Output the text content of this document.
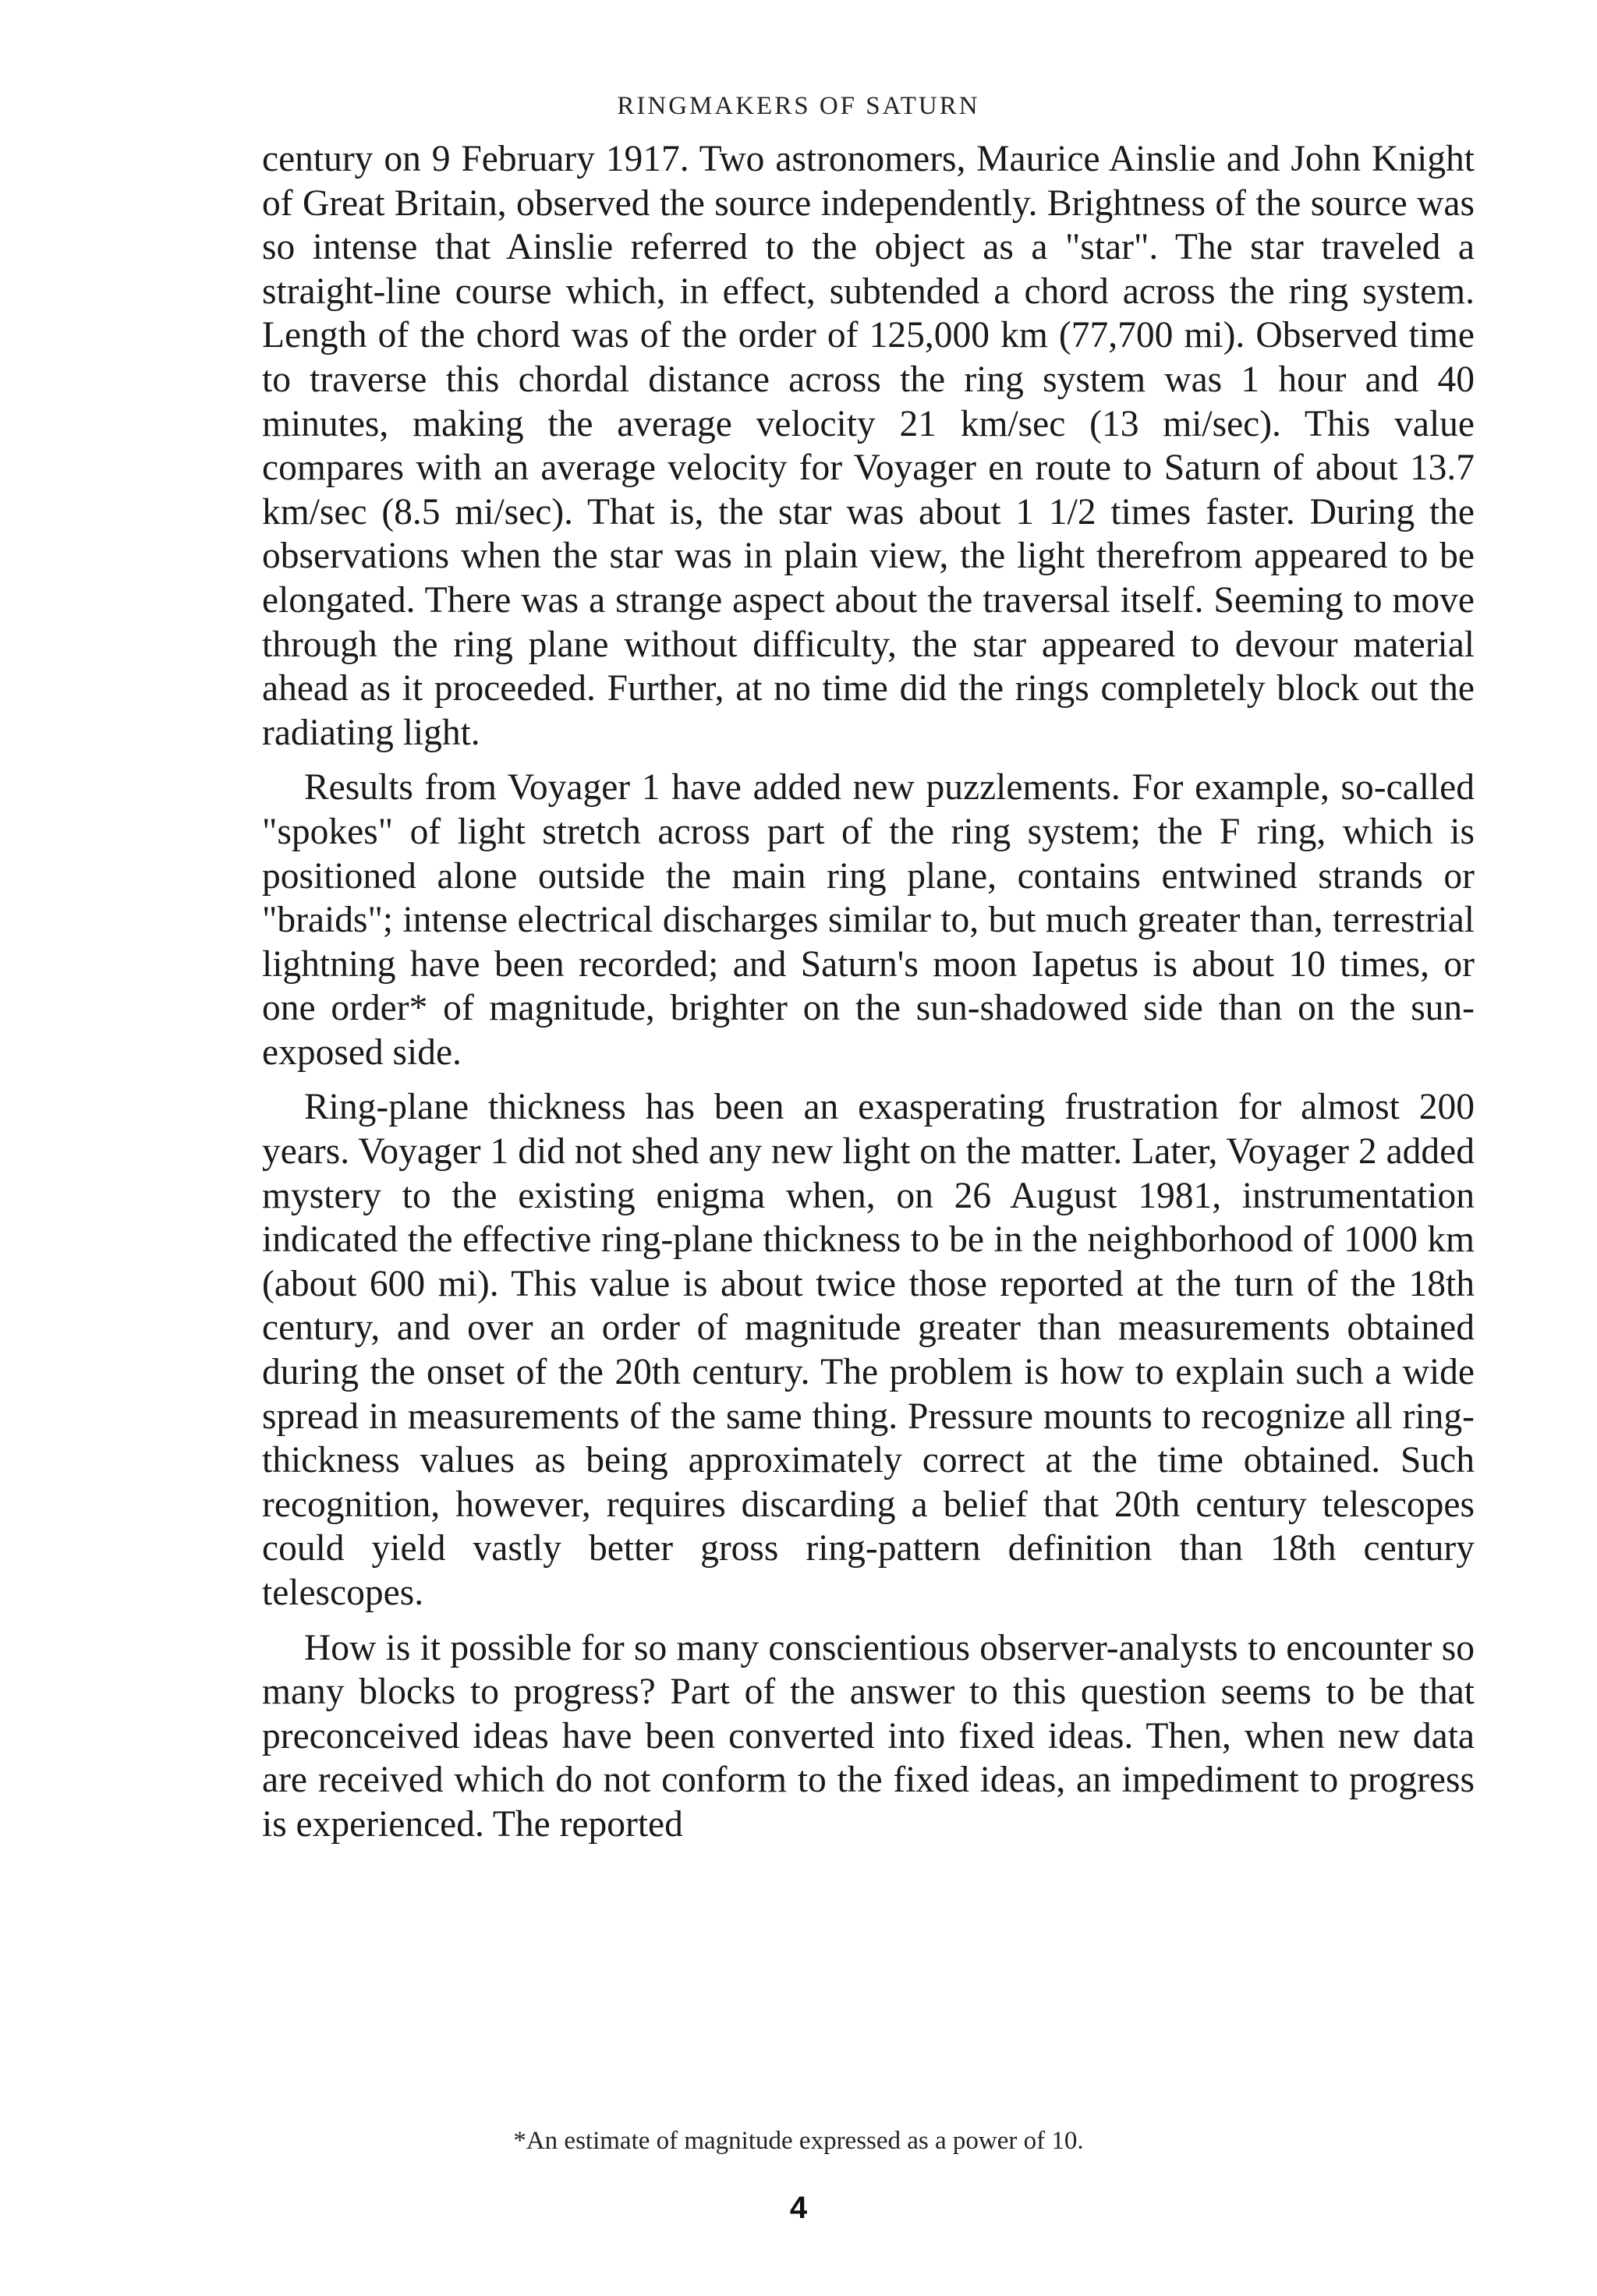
RINGMAKERS OF SATURN

century on 9 February 1917. Two astronomers, Maurice Ainslie and John Knight of Great Britain, observed the source independently. Brightness of the source was so intense that Ainslie referred to the object as a "star". The star traveled a straight-line course which, in effect, subtended a chord across the ring system. Length of the chord was of the order of 125,000 km (77,700 mi). Observed time to traverse this chordal distance across the ring system was 1 hour and 40 minutes, making the average velocity 21 km/sec (13 mi/sec). This value compares with an average velocity for Voyager en route to Saturn of about 13.7 km/sec (8.5 mi/sec). That is, the star was about 1 1/2 times faster. During the observations when the star was in plain view, the light therefrom appeared to be elongated. There was a strange aspect about the traversal itself. Seeming to move through the ring plane without difficulty, the star appeared to devour material ahead as it proceeded. Further, at no time did the rings completely block out the radiating light.

Results from Voyager 1 have added new puzzlements. For example, so-called "spokes" of light stretch across part of the ring system; the F ring, which is positioned alone outside the main ring plane, contains entwined strands or "braids"; intense electrical discharges similar to, but much greater than, terrestrial lightning have been recorded; and Saturn's moon Iapetus is about 10 times, or one order* of magnitude, brighter on the sun-shadowed side than on the sun-exposed side.

Ring-plane thickness has been an exasperating frustration for almost 200 years. Voyager 1 did not shed any new light on the matter. Later, Voyager 2 added mystery to the existing enigma when, on 26 August 1981, instrumentation indicated the effective ring-plane thickness to be in the neighborhood of 1000 km (about 600 mi). This value is about twice those reported at the turn of the 18th century, and over an order of magnitude greater than measurements obtained during the onset of the 20th century. The problem is how to explain such a wide spread in measurements of the same thing. Pressure mounts to recognize all ring-thickness values as being approximately correct at the time obtained. Such recognition, however, requires discarding a belief that 20th century telescopes could yield vastly better gross ring-pattern definition than 18th century telescopes.

How is it possible for so many conscientious observer-analysts to encounter so many blocks to progress? Part of the answer to this question seems to be that preconceived ideas have been converted into fixed ideas. Then, when new data are received which do not conform to the fixed ideas, an impediment to progress is experienced. The reported

*An estimate of magnitude expressed as a power of 10.
4
